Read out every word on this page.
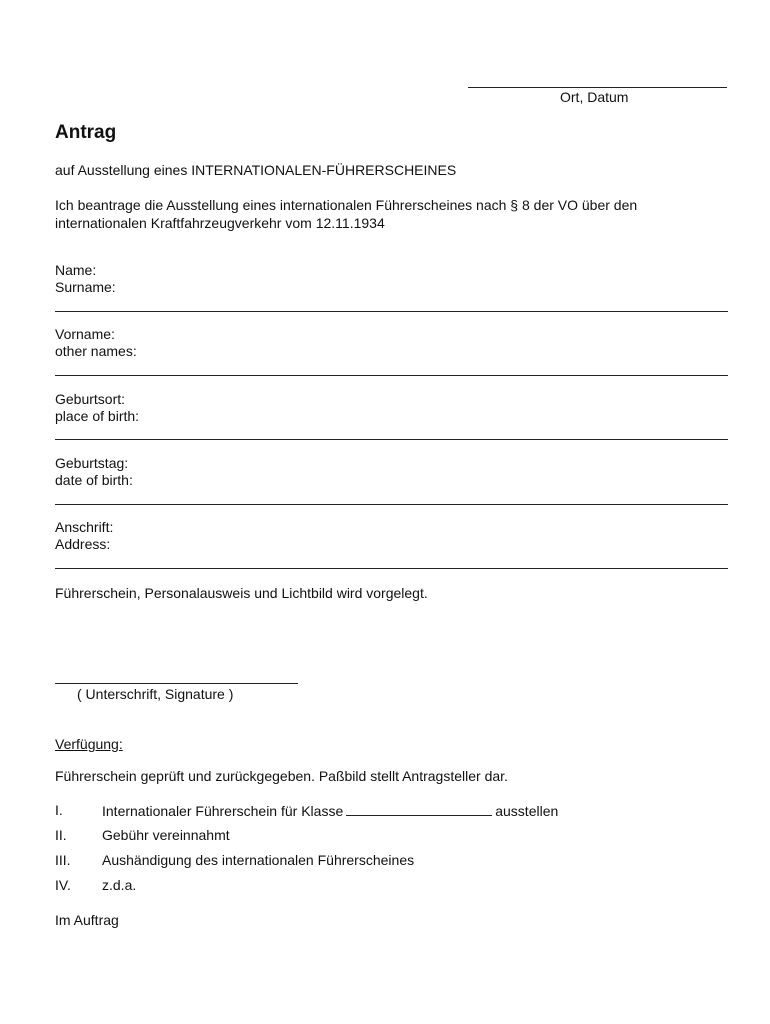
Ort, Datum
Antrag
auf Ausstellung eines INTERNATIONALEN-FÜHRERSCHEINES
Ich beantrage die Ausstellung eines internationalen Führerscheines nach § 8 der VO über den internationalen Kraftfahrzeugverkehr vom 12.11.1934
Name:
Surname:
Vorname:
other names:
Geburtsort:
place of birth:
Geburtstag:
date of birth:
Anschrift:
Address:
Führerschein, Personalausweis und Lichtbild wird vorgelegt.
( Unterschrift, Signature )
Verfügung:
Führerschein geprüft und zurückgegeben. Paßbild stellt Antragsteller dar.
I.	Internationaler Führerschein für Klasse	ausstellen
II.	Gebühr vereinnahmt
III. Aushändigung des internationalen Führerscheines
IV. z.d.a.
Im Auftrag
